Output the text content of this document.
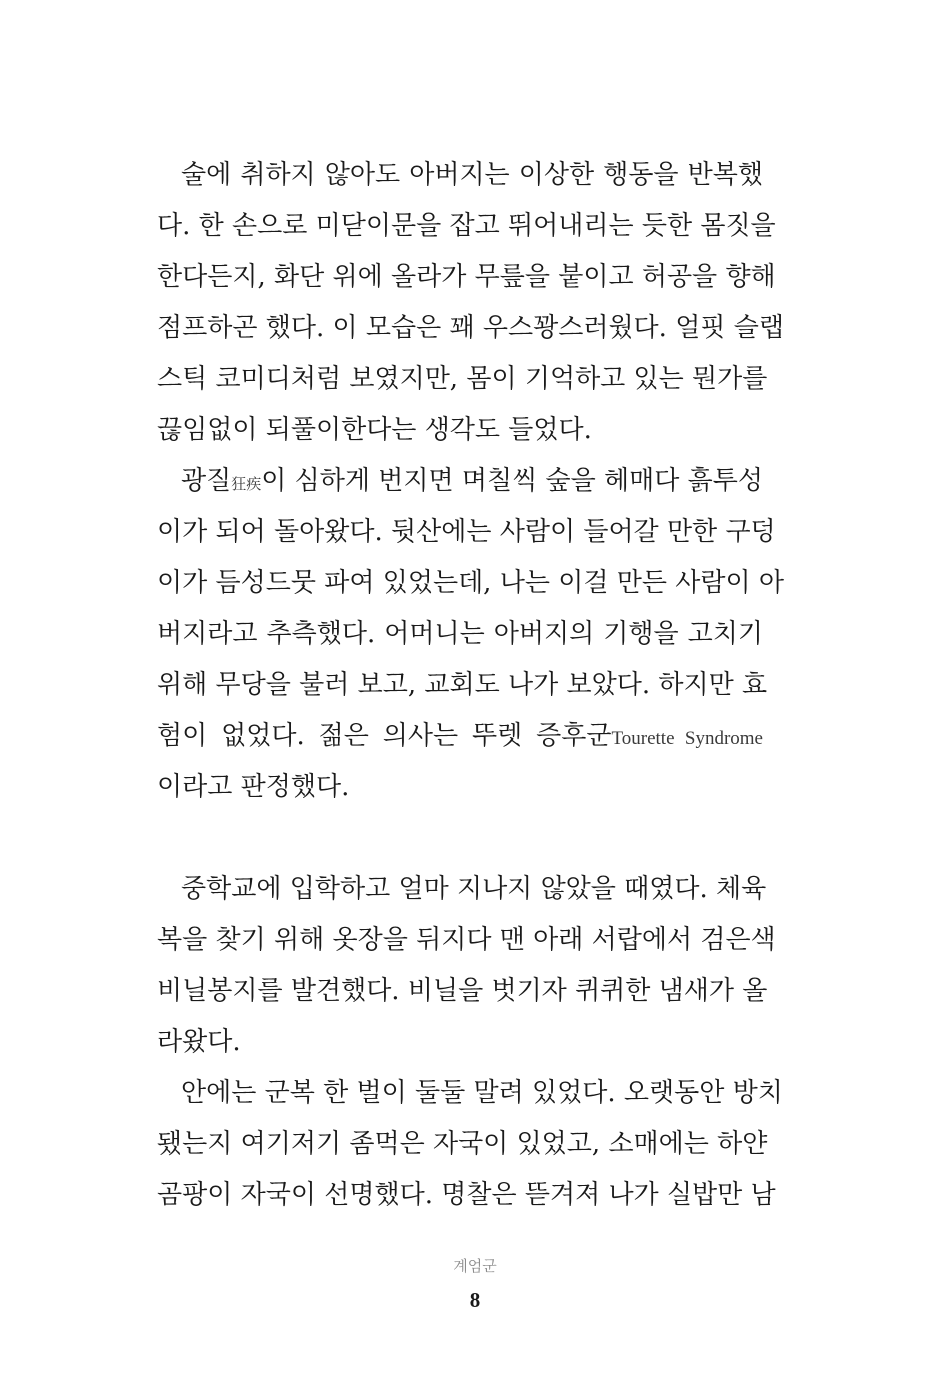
술에 취하지 않아도 아버지는 이상한 행동을 반복했
다. 한 손으로 미닫이문을 잡고 뛰어내리는 듯한 몸짓을
한다든지, 화단 위에 올라가 무릎을 붙이고 허공을 향해
점프하곤 했다. 이 모습은 꽤 우스꽝스러웠다. 얼핏 슬랩
스틱 코미디처럼 보였지만, 몸이 기억하고 있는 뭔가를
끊임없이 되풀이한다는 생각도 들었다.
광질狂疾이 심하게 번지면 며칠씩 숲을 헤매다 흙투성
이가 되어 돌아왔다. 뒷산에는 사람이 들어갈 만한 구덩
이가 듬성드뭇 파여 있었는데, 나는 이걸 만든 사람이 아
버지라고 추측했다. 어머니는 아버지의 기행을 고치기
위해 무당을 불러 보고, 교회도 나가 보았다. 하지만 효
험이 없었다. 젊은 의사는 뚜렛 증후군Tourette Syndrome
이라고 판정했다.
중학교에 입학하고 얼마 지나지 않았을 때였다. 체육
복을 찾기 위해 옷장을 뒤지다 맨 아래 서랍에서 검은색
비닐봉지를 발견했다. 비닐을 벗기자 퀴퀴한 냄새가 올
라왔다.
안에는 군복 한 벌이 둘둘 말려 있었다. 오랫동안 방치
됐는지 여기저기 좀먹은 자국이 있었고, 소매에는 하얀
곰팡이 자국이 선명했다. 명찰은 뜯겨져 나가 실밥만 남
계엄군
8
